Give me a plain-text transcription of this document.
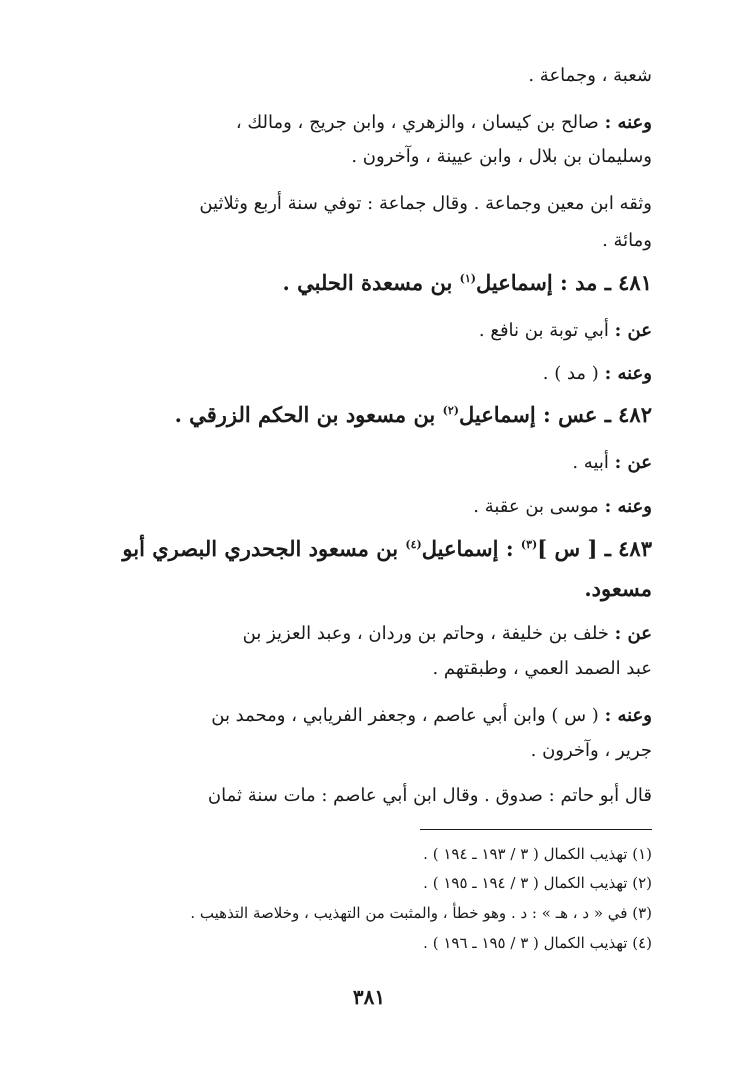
شعبة ، وجماعة .
وعنه : صالح بن كيسان ، والزهري ، وابن جريج ، ومالك ،
وسليمان بن بلال ، وابن عيينة ، وآخرون .
وثقه ابن معين وجماعة . وقال جماعة : توفي سنة أربع وثلاثين
ومائة .
٤٨١ ـ مد : إسماعيل$^{(١)}$ بن مسعدة الحلبي .
عن : أبي توبة بن نافع .
وعنه : ( مد ) .
٤٨٢ ـ عس : إسماعيل$^{(٢)}$ بن مسعود بن الحكم الزرقي .
عن : أبيه .
وعنه : موسى بن عقبة .
٤٨٣ ـ [ س ]$^{(٣)}$ : إسماعيل$^{(٤)}$ بن مسعود الجحدري البصري أبو
مسعود.
عن : خلف بن خليفة ، وحاتم بن وردان ، وعبد العزيز بن
عبد الصمد العمي ، وطبقتهم .
وعنه : ( س ) وابن أبي عاصم ، وجعفر الفريابي ، ومحمد بن
جرير ، وآخرون .
قال أبو حاتم : صدوق . وقال ابن أبي عاصم : مات سنة ثمان
(١) تهذيب الكمال ( ٣ / ١٩٣ ـ ١٩٤ ) .
(٢) تهذيب الكمال ( ٣ / ١٩٤ ـ ١٩٥ ) .
(٣) في « د ، هـ » : د . وهو خطأ ، والمثبت من التهذيب ، وخلاصة التذهيب .
(٤) تهذيب الكمال ( ٣ / ١٩٥ ـ ١٩٦ ) .
٣٨١
